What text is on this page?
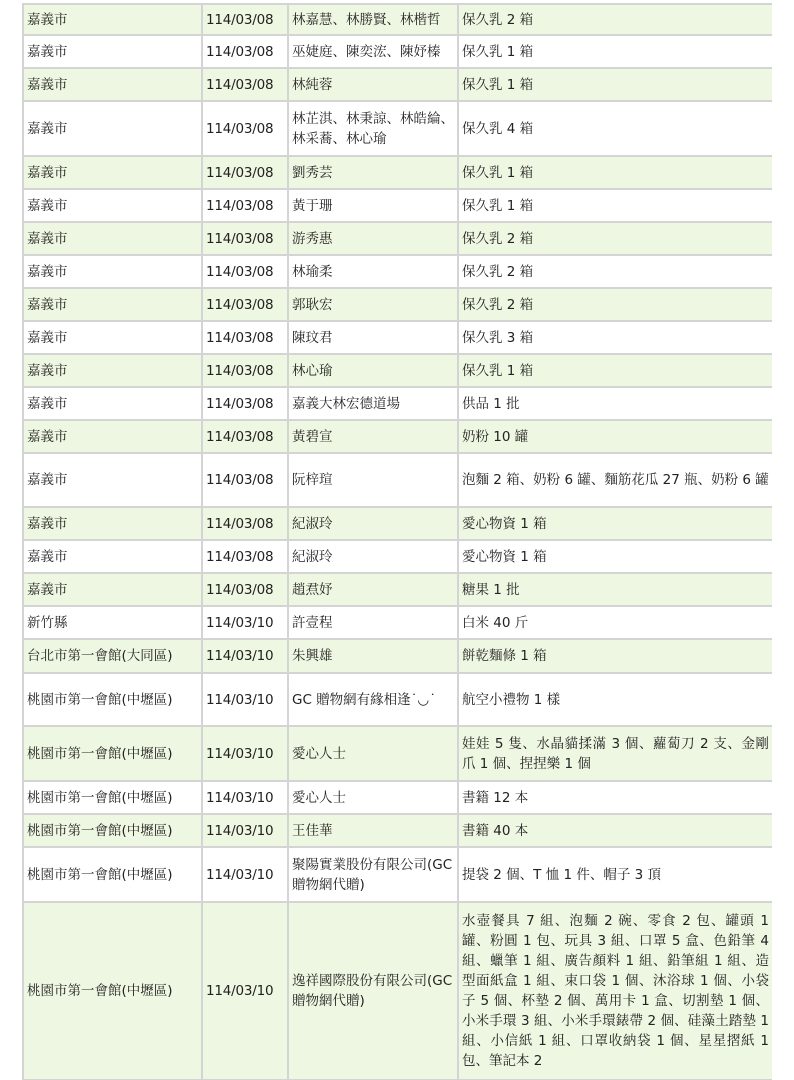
嘉義市	114/03/08	林嘉慧、林勝賢、林楷哲	保久乳 2 箱
嘉義市	114/03/08	巫婕庭、陳奕浤、陳妤榛	保久乳 1 箱
嘉義市	114/03/08	林純蓉	保久乳 1 箱
嘉義市	114/03/08	林芷淇、林秉諒、林皓綸、林采蕎、林心瑜	保久乳 4 箱
嘉義市	114/03/08	劉秀芸	保久乳 1 箱
嘉義市	114/03/08	黃于珊	保久乳 1 箱
嘉義市	114/03/08	游秀惠	保久乳 2 箱
嘉義市	114/03/08	林瑜柔	保久乳 2 箱
嘉義市	114/03/08	郭耿宏	保久乳 2 箱
嘉義市	114/03/08	陳玟君	保久乳 3 箱
嘉義市	114/03/08	林心瑜	保久乳 1 箱
嘉義市	114/03/08	嘉義大林宏德道場	供品 1 批
嘉義市	114/03/08	黃碧宣	奶粉 10 罐
嘉義市	114/03/08	阮梓瑄	泡麵 2 箱、奶粉 6 罐、麵筋花瓜 27 瓶、奶粉 6 罐
嘉義市	114/03/08	紀淑玲	愛心物資 1 箱
嘉義市	114/03/08	紀淑玲	愛心物資 1 箱
嘉義市	114/03/08	趙焄妤	糖果 1 批
新竹縣	114/03/10	許壹程	白米 40 斤
台北市第一會館(大同區)	114/03/10	朱興雄	餅乾麵條 1 箱
桃園市第一會館(中壢區)	114/03/10	GC 贈物網有緣相逢˙◡˙	航空小禮物 1 樣
桃園市第一會館(中壢區)	114/03/10	愛心人士	娃娃 5 隻、水晶貓揉滿 3 個、蘿蔔刀 2 支、金剛爪 1 個、捏捏樂 1 個
桃園市第一會館(中壢區)	114/03/10	愛心人士	書籍 12 本
桃園市第一會館(中壢區)	114/03/10	王佳華	書籍 40 本
桃園市第一會館(中壢區)	114/03/10	聚陽實業股份有限公司(GC 贈物網代贈)	提袋 2 個、T 恤 1 件、帽子 3 頂
桃園市第一會館(中壢區)	114/03/10	逸祥國際股份有限公司(GC 贈物網代贈)	水壺餐具 7 組、泡麵 2 碗、零食 2 包、罐頭 1 罐、粉圓 1 包、玩具 3 組、口罩 5 盒、色鉛筆 4 組、蠟筆 1 組、廣告顏料 1 組、鉛筆組 1 組、造型面紙盒 1 組、束口袋 1 個、沐浴球 1 個、小袋子 5 個、杯墊 2 個、萬用卡 1 盒、切割墊 1 個、小米手環 3 組、小米手環錶帶 2 個、硅藻土踏墊 1 組、小信紙 1 組、口罩收納袋 1 個、星星摺紙 1 包、筆記本 2
